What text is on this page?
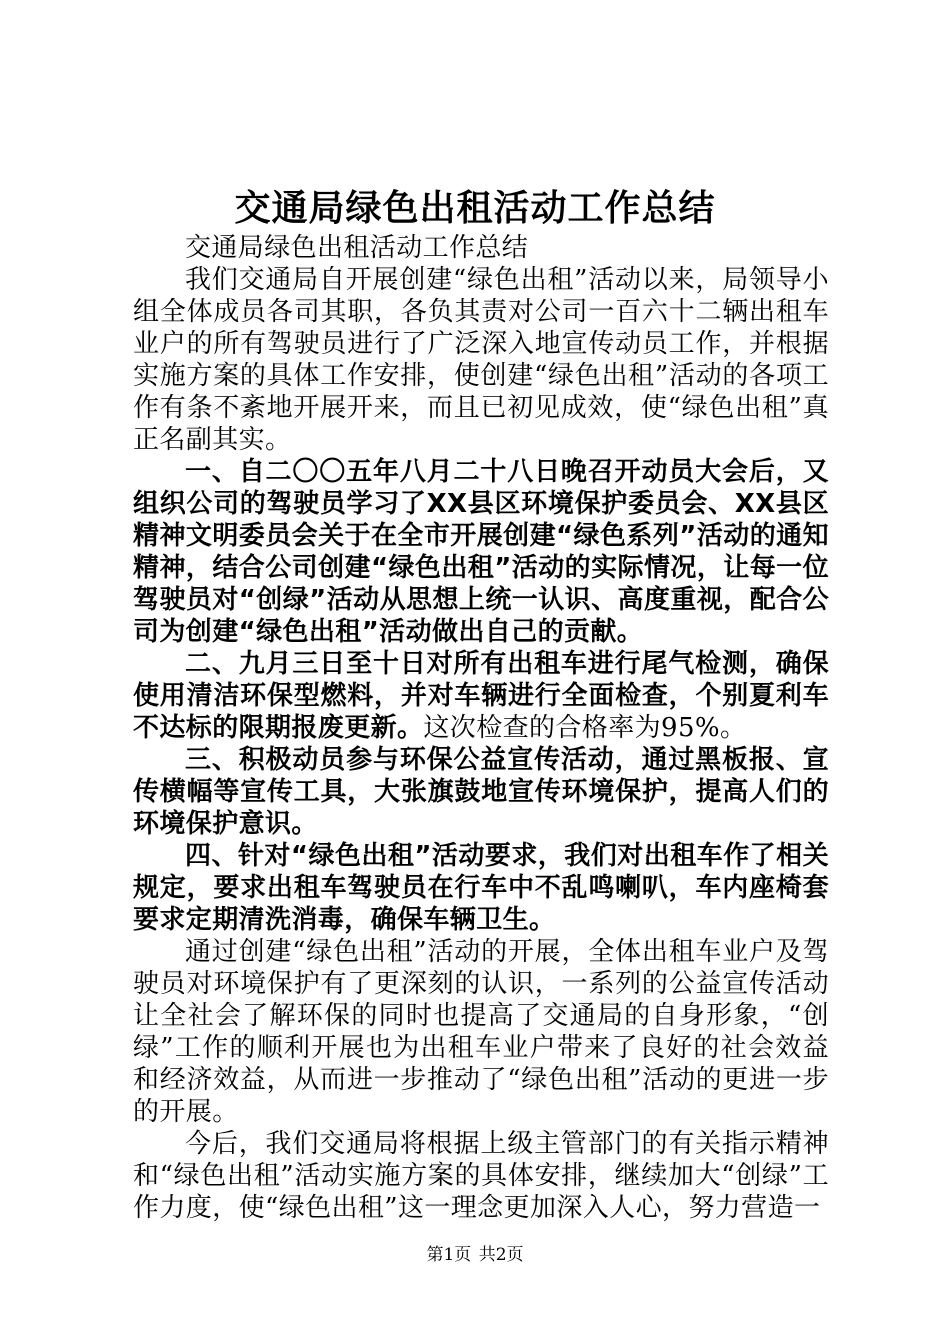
交通局绿色出租活动工作总结

交通局绿色出租活动工作总结

我们交通局自开展创建“绿色出租”活动以来，局领导小组全体成员各司其职，各负其责对公司一百六十二辆出租车业户的所有驾驶员进行了广泛深入地宣传动员工作，并根据实施方案的具体工作安排，使创建“绿色出租”活动的各项工作有条不紊地开展开来，而且已初见成效，使“绿色出租”真正名副其实。

一、自二〇〇五年八月二十八日晚召开动员大会后，又组织公司的驾驶员学习了XX县区环境保护委员会、XX县区精神文明委员会关于在全市开展创建“绿色系列”活动的通知精神，结合公司创建“绿色出租”活动的实际情况，让每一位驾驶员对“创绿”活动从思想上统一认识、高度重视，配合公司为创建“绿色出租”活动做出自己的贡献。

二、九月三日至十日对所有出租车进行尾气检测，确保使用清洁环保型燃料，并对车辆进行全面检查，个别夏利车不达标的限期报废更新。这次检查的合格率为95%。

三、积极动员参与环保公益宣传活动，通过黑板报、宣传横幅等宣传工具，大张旗鼓地宣传环境保护，提高人们的环境保护意识。

四、针对“绿色出租”活动要求，我们对出租车作了相关规定，要求出租车驾驶员在行车中不乱鸣喇叭，车内座椅套要求定期清洗消毒，确保车辆卫生。

通过创建“绿色出租”活动的开展，全体出租车业户及驾驶员对环境保护有了更深刻的认识，一系列的公益宣传活动让全社会了解环保的同时也提高了交通局的自身形象，“创绿”工作的顺利开展也为出租车业户带来了良好的社会效益和经济效益，从而进一步推动了“绿色出租”活动的更进一步的开展。

今后，我们交通局将根据上级主管部门的有关指示精神和“绿色出租”活动实施方案的具体安排，继续加大“创绿”工作力度，使“绿色出租”这一理念更加深入人心，努力营造一

第1页 共2页
